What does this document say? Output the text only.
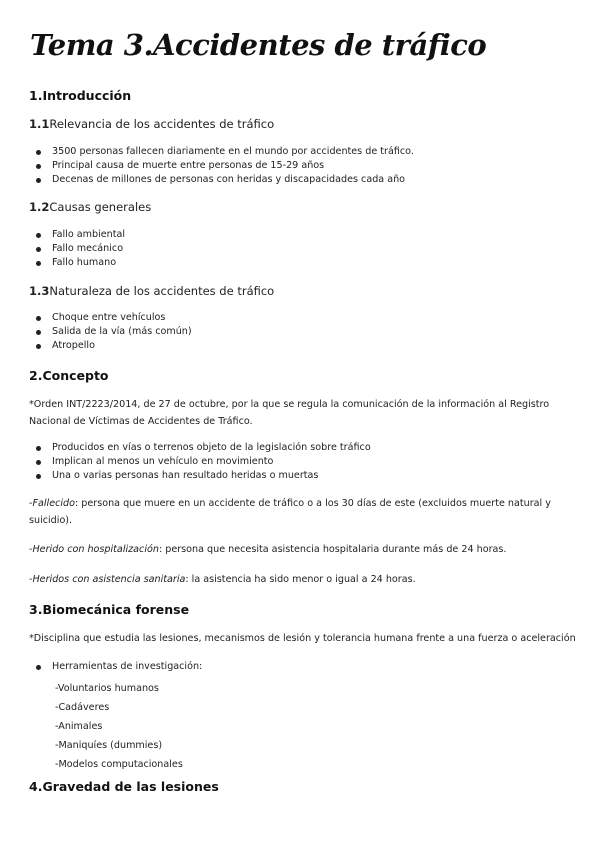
Tema 3.Accidentes de tráfico
1.Introducción
1.1Relevancia de los accidentes de tráfico
3500 personas fallecen diariamente en el mundo por accidentes de tráfico.
Principal causa de muerte entre personas de 15-29 años
Decenas de millones de personas con heridas y discapacidades cada año
1.2Causas generales
Fallo ambiental
Fallo mecánico
Fallo humano
1.3Naturaleza de los accidentes de tráfico
Choque entre vehículos
Salida de la vía (más común)
Atropello
2.Concepto
*Orden INT/2223/2014, de 27 de octubre, por la que se regula la comunicación de la información al Registro Nacional de Víctimas de Accidentes de Tráfico.
Producidos en vías o terrenos objeto de la legislación sobre tráfico
Implican al menos un vehículo en movimiento
Una o varias personas han resultado heridas o muertas
-Fallecido: persona que muere en un accidente de tráfico o a los 30 días de este (excluidos muerte natural y suicidio).
-Herido con hospitalización: persona que necesita asistencia hospitalaria durante más de 24 horas.
-Heridos con asistencia sanitaria: la asistencia ha sido menor o igual a 24 horas.
3.Biomecánica forense
*Disciplina que estudia las lesiones, mecanismos de lesión y tolerancia humana frente a una fuerza o aceleración
Herramientas de investigación:
-Voluntarios humanos
-Cadáveres
-Animales
-Maniquíes (dummies)
-Modelos computacionales
4.Gravedad de las lesiones
